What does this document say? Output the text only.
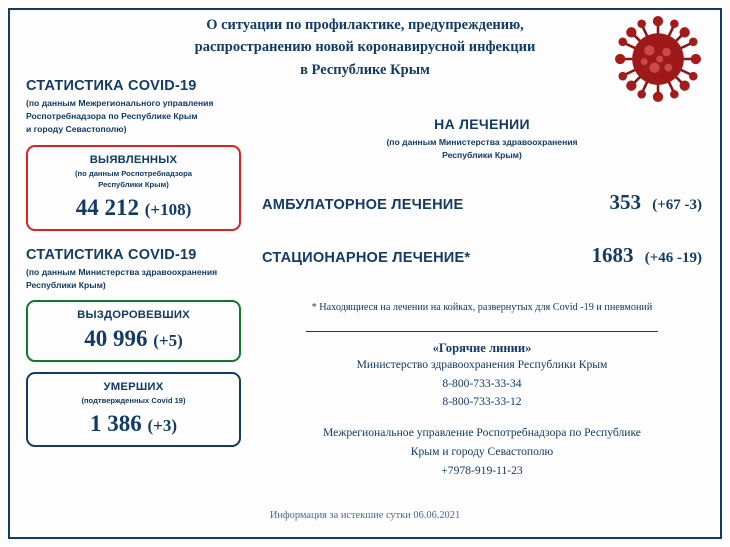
О ситуации по профилактике, предупреждению,
распространению новой коронавирусной инфекции
в Республике Крым
СТАТИСТИКА COVID-19
(по данным Межрегионального управления
Роспотребнадзора по Республике Крым
и городу Севастополю)
ВЫЯВЛЕННЫХ
(по данным Роспотребнадзора
Республики Крым)
44 212 (+108)
СТАТИСТИКА COVID-19
(по данным Министерства здравоохранения
Республики Крым)
ВЫЗДОРОВЕВШИХ
40 996 (+5)
УМЕРШИХ
(подтвержденных Covid 19)
1 386 (+3)
НА ЛЕЧЕНИИ
(по данным Министерства здравоохранения
Республики Крым)
АМБУЛАТОРНОЕ ЛЕЧЕНИЕ	353 (+67 -3)
СТАЦИОНАРНОЕ ЛЕЧЕНИЕ*	1683 (+46 -19)
* Находящиеся на лечении на койках, развернутых для Covid -19 и пневмоний
«Горячие линии»
Министерство здравоохранения Республики Крым
8-800-733-33-34
8-800-733-33-12
Межрегиональное управление Роспотребнадзора по Республике
Крым и городу Севастополю
+7978-919-11-23
Информация за истекшие сутки 06.06.2021
